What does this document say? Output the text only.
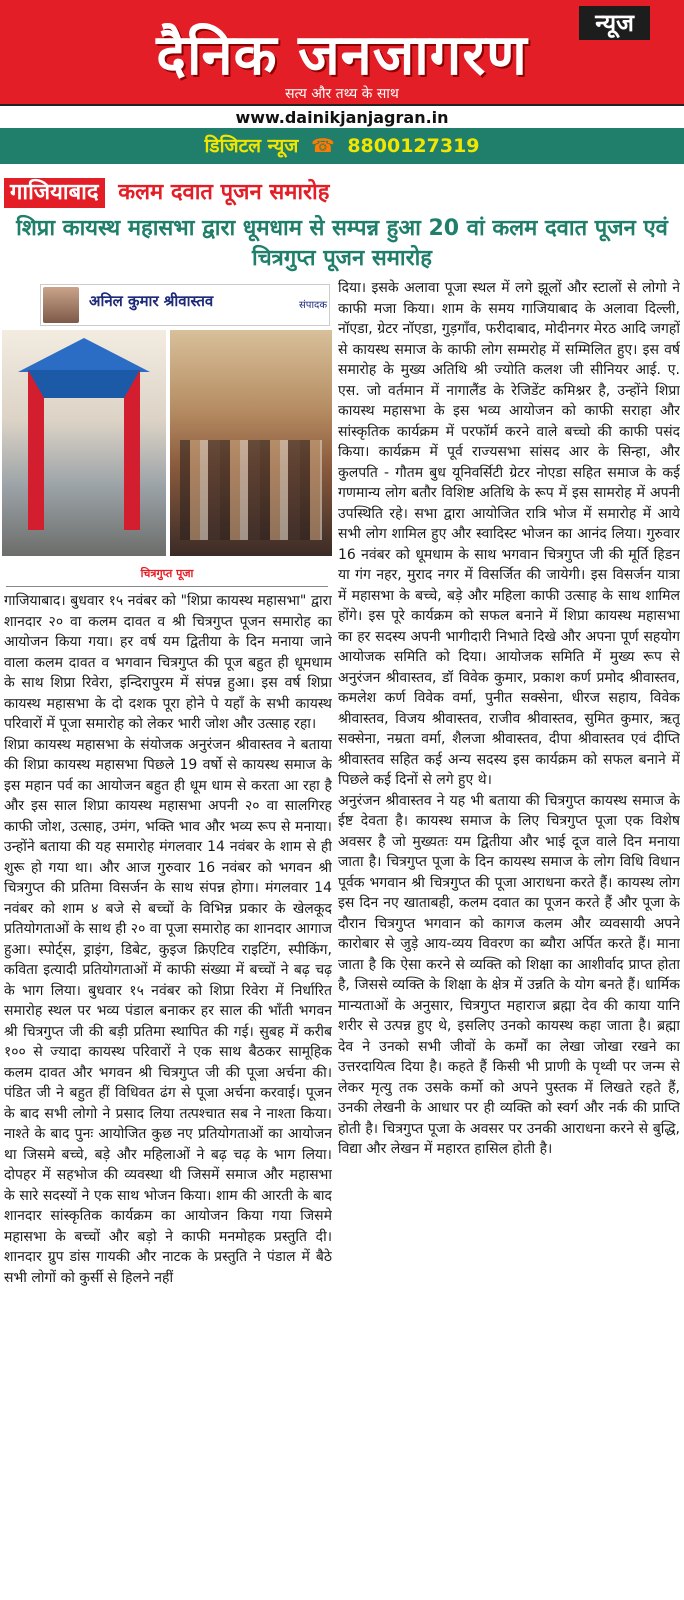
न्यूज
दैनिक जनजागरण
सत्य और तथ्य के साथ
www.dainikjanjagran.in
डिजिटल न्यूज ☎ 8800127319
गाजियाबाद कलम दवात पूजन समारोह
शिप्रा कायस्थ महासभा द्वारा धूमधाम से सम्पन्न हुआ 20 वां कलम दवात पूजन एवं चित्रगुप्त पूजन समारोह
अनिल कुमार श्रीवास्तव	संपादक
चित्रगुप्त पूजा

गाजियाबाद। बुधवार १५ नवंबर को "शिप्रा कायस्थ महासभा" द्वारा शानदार २० वा कलम दावत व श्री चित्रगुप्त पूजन समारोह का आयोजन किया गया। हर वर्ष यम द्वितीया के दिन मनाया जाने वाला कलम दावत व भगवान चित्रगुप्त की पूज बहुत ही धूमधाम के साथ शिप्रा रिवेरा, इन्दिरापुरम में संपन्न हुआ। इस वर्ष शिप्रा कायस्थ महासभा के दो दशक पूरा होने पे यहाँ के सभी कायस्थ परिवारों में पूजा समारोह को लेकर भारी जोश और उत्साह रहा।

शिप्रा कायस्थ महासभा के संयोजक अनुरंजन श्रीवास्तव ने बताया की शिप्रा कायस्थ महासभा पिछले 19 वर्षो से कायस्थ समाज के इस महान पर्व का आयोजन बहुत ही धूम धाम से करता आ रहा है और इस साल शिप्रा कायस्थ महासभा अपनी २० वा सालगिरह काफी जोश, उत्साह, उमंग, भक्ति भाव और भव्य रूप से मनाया। उन्होंने बताया की यह समारोह मंगलवार 14 नवंबर के शाम से ही शुरू हो गया था। और आज गुरुवार 16 नवंबर को भगवन श्री चित्रगुप्त की प्रतिमा विसर्जन के साथ संपन्न होगा। मंगलवार 14 नवंबर को शाम ४ बजे से बच्चों के विभिन्न प्रकार के खेलकूद प्रतियोगताओं के साथ ही २० वा पूजा समारोह का शानदार आगाज हुआ। स्पोर्ट्स, ड्राइंग, डिबेट, कुइज क्रिएटिव राइटिंग, स्पीकिंग, कविता इत्यादी प्रतियोगताओं में काफी संख्या में बच्चों ने बढ़ चढ़ के भाग लिया। बुधवार १५ नवंबर को शिप्रा रिवेरा में निर्धारित समारोह स्थल पर भव्य पंडाल बनाकर हर साल की भाँती भगवन श्री चित्रगुप्त जी की बड़ी प्रतिमा स्थापित की गई। सुबह में करीब १०० से ज्यादा कायस्थ परिवारों ने एक साथ बैठकर सामूहिक कलम दावत और भगवन श्री चित्रगुप्त जी की पूजा अर्चना की। पंडित जी ने बहुत हीं विधिवत ढंग से पूजा अर्चना करवाई। पूजन के बाद सभी लोगो ने प्रसाद लिया तत्पश्चात सब ने नाश्ता किया। नाश्ते के बाद पुनः आयोजित कुछ नए प्रतियोगताओं का आयोजन था जिसमे बच्चे, बड़े और महिलाओं ने बढ़ चढ़ के भाग लिया। दोपहर में सहभोज की व्यवस्था थी जिसमें समाज और महासभा के सारे सदस्यों ने एक साथ भोजन किया। शाम की आरती के बाद शानदार सांस्कृतिक कार्यक्रम का आयोजन किया गया जिसमे महासभा के बच्चों और बड़ो ने काफी मनमोहक प्रस्तुति दी। शानदार ग्रुप डांस गायकी और नाटक के प्रस्तुति ने पंडाल में बैठे सभी लोगों को कुर्सी से हिलने नहीं

दिया। इसके अलावा पूजा स्थल में लगे झूलों और स्टालों से लोगो ने काफी मजा किया। शाम के समय गाजियाबाद के अलावा दिल्ली, नॉएडा, ग्रेटर नॉएडा, गुड़गाँव, फरीदाबाद, मोदीनगर मेरठ आदि जगहों से कायस्थ समाज के काफी लोग सम्मरोह में सम्मिलित हुए। इस वर्ष समारोह के मुख्य अतिथि श्री ज्योति कलश जी सीनियर आई. ए. एस. जो वर्तमान में नागालैंड के रेजिडेंट कमिश्नर है, उन्होंने शिप्रा कायस्थ महासभा के इस भव्य आयोजन को काफी सराहा और सांस्कृतिक कार्यक्रम में परफॉर्म करने वाले बच्चो की काफी पसंद किया। कार्यक्रम में पूर्व राज्यसभा सांसद आर के सिन्हा, और कुलपति - गौतम बुध यूनिवर्सिटी ग्रेटर नोएडा सहित समाज के कई गणमान्य लोग बतौर विशिष्ट अतिथि के रूप में इस सामरोह में अपनी उपस्थिति रहे। सभा द्वारा आयोजित रात्रि भोज में समारोह में आये सभी लोग शामिल हुए और स्वादिस्ट भोजन का आनंद लिया। गुरुवार 16 नवंबर को धूमधाम के साथ भगवान चित्रगुप्त जी की मूर्ति हिडन या गंग नहर, मुराद नगर में विसर्जित की जायेगी। इस विसर्जन यात्रा में महासभा के बच्चे, बड़े और महिला काफी उत्साह के साथ शामिल होंगे। इस पूरे कार्यक्रम को सफल बनाने में शिप्रा कायस्थ महासभा का हर सदस्य अपनी भागीदारी निभाते दिखे और अपना पूर्ण सहयोग आयोजक समिति को दिया। आयोजक समिति में मुख्य रूप से अनुरंजन श्रीवास्तव, डॉ विवेक कुमार, प्रकाश कर्ण प्रमोद श्रीवास्तव, कमलेश कर्ण विवेक वर्मा, पुनीत सक्सेना, धीरज सहाय, विवेक श्रीवास्तव, विजय श्रीवास्तव, राजीव श्रीवास्तव, सुमित कुमार, ऋतू सक्सेना, नम्रता वर्मा, शैलजा श्रीवास्तव, दीपा श्रीवास्तव एवं दीप्ति श्रीवास्तव सहित कई अन्य सदस्य इस कार्यक्रम को सफल बनाने में पिछले कई दिनों से लगे हुए थे।

अनुरंजन श्रीवास्तव ने यह भी बताया की चित्रगुप्त कायस्थ समाज के ईष्ट देवता है। कायस्थ समाज के लिए चित्रगुप्त पूजा एक विशेष अवसर है जो मुख्यतः यम द्वितीया और भाई दूज वाले दिन मनाया जाता है। चित्रगुप्त पूजा के दिन कायस्थ समाज के लोग विधि विधान पूर्वक भगवान श्री चित्रगुप्त की पूजा आराधना करते हैं। कायस्थ लोग इस दिन नए खाताबही, कलम दवात का पूजन करते हैं और पूजा के दौरान चित्रगुप्त भगवान को कागज कलम और व्यवसायी अपने कारोबार से जुड़े आय-व्यय विवरण का ब्यौरा अर्पित करते हैं। माना जाता है कि ऐसा करने से व्यक्ति को शिक्षा का आशीर्वाद प्राप्त होता है, जिससे व्यक्ति के शिक्षा के क्षेत्र में उन्नति के योग बनते हैं। धार्मिक मान्यताओं के अनुसार, चित्रगुप्त महाराज ब्रह्मा देव की काया यानि शरीर से उत्पन्न हुए थे, इसलिए उनको कायस्थ कहा जाता है। ब्रह्मा देव ने उनको सभी जीवों के कर्मों का लेखा जोखा रखने का उत्तरदायित्व दिया है। कहते हैं किसी भी प्राणी के पृथ्वी पर जन्म से लेकर मृत्यु तक उसके कर्मो को अपने पुस्तक में लिखते रहते हैं, उनकी लेखनी के आधार पर ही व्यक्ति को स्वर्ग और नर्क की प्राप्ति होती है। चित्रगुप्त पूजा के अवसर पर उनकी आराधना करने से बुद्धि, विद्या और लेखन में महारत हासिल होती है।
